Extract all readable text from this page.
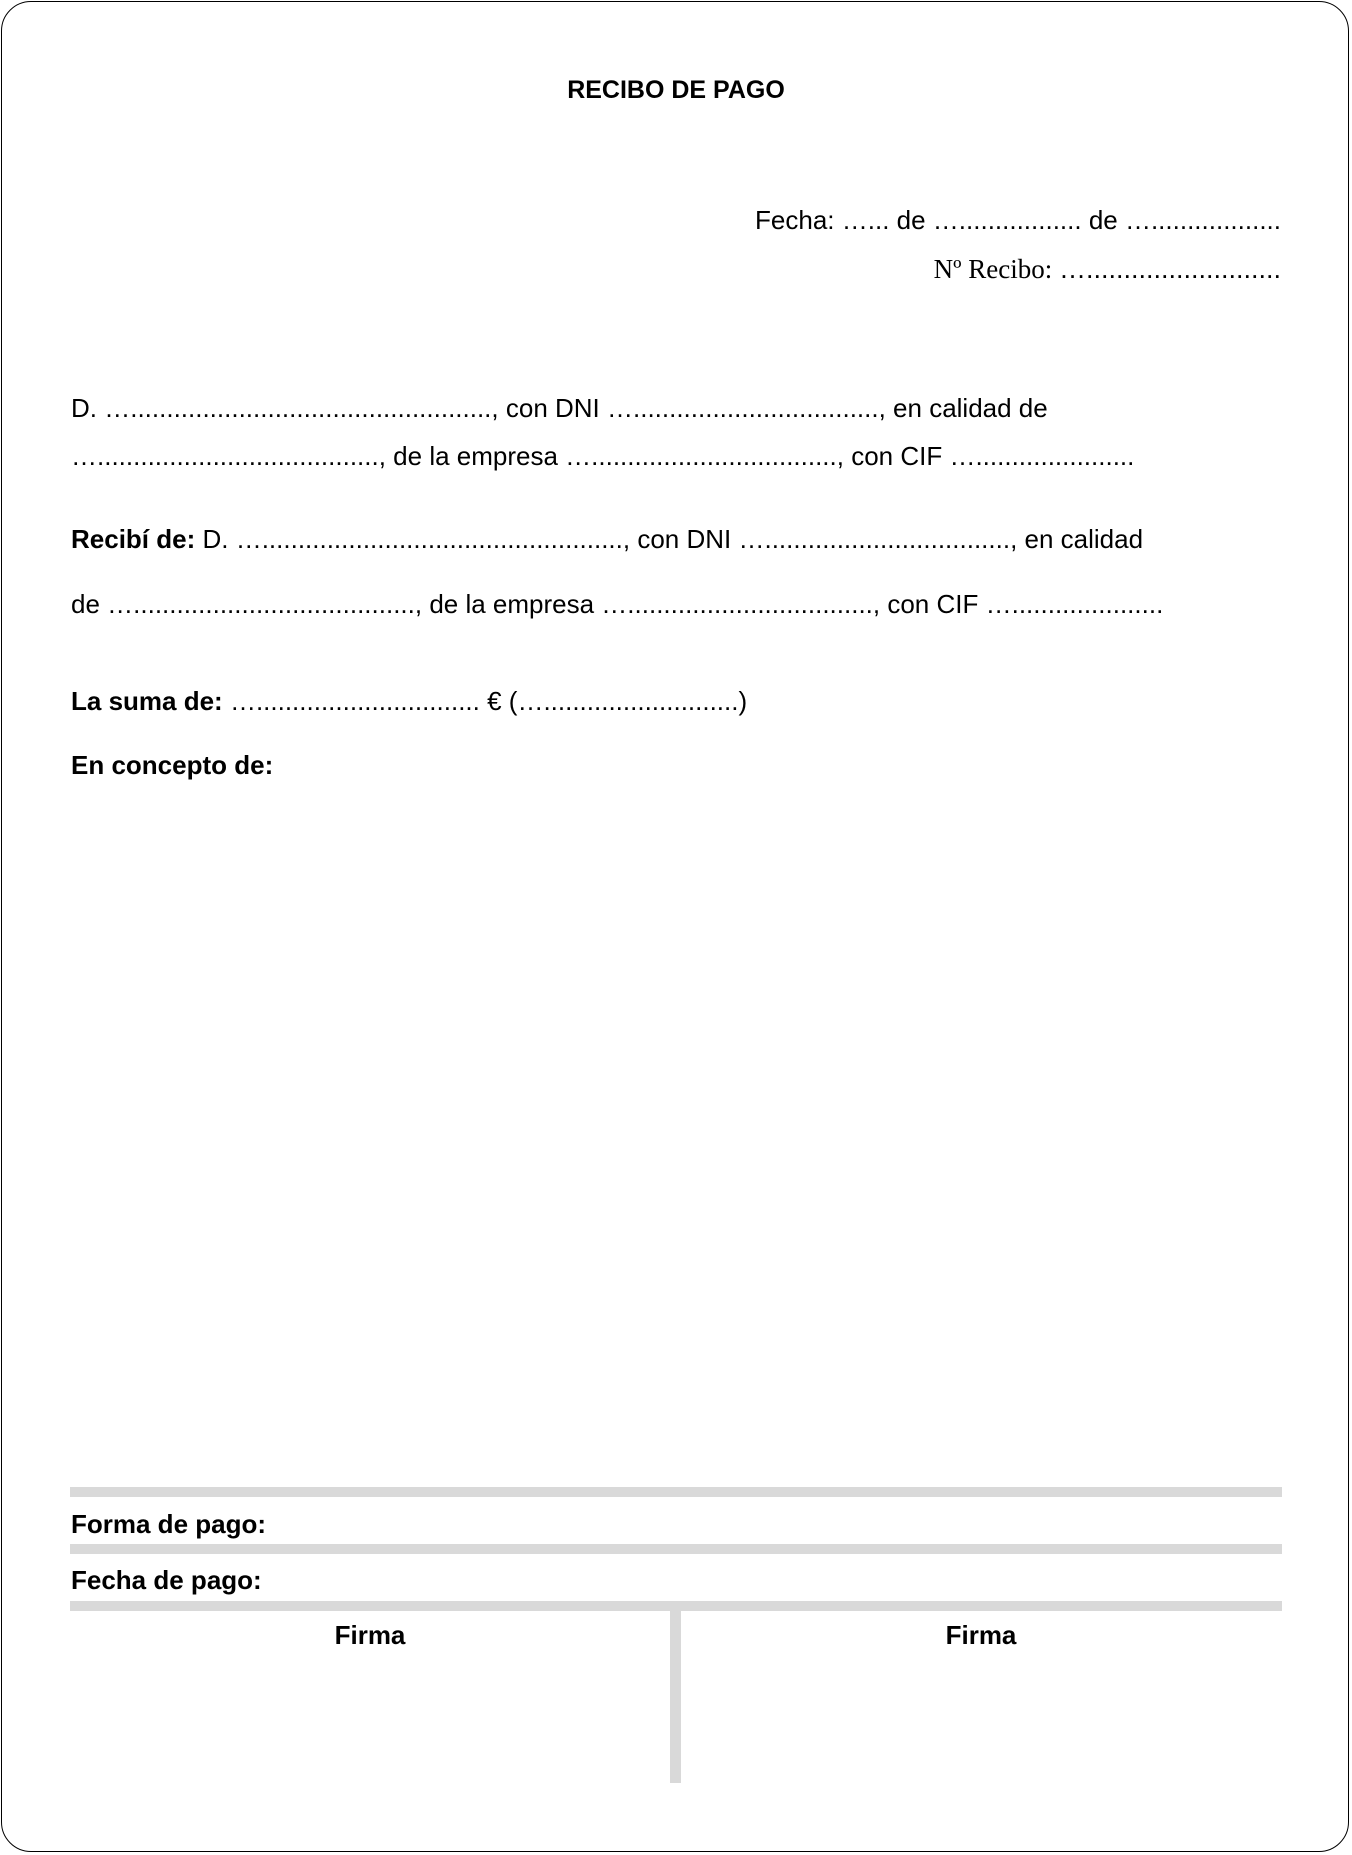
RECIBO DE PAGO
Fecha: …... de …................. de …..................
Nº Recibo: …..........................
D. ….................................................., con DNI ….................................., en calidad de
…......................................., de la empresa ….................................., con CIF …......................
Recibí de: D. ….................................................., con DNI ….................................., en calidad
de …......................................., de la empresa ….................................., con CIF ….....................
La suma de: …............................... € (…...........................)
En concepto de:
Forma de pago:
Fecha de pago:
Firma	Firma
